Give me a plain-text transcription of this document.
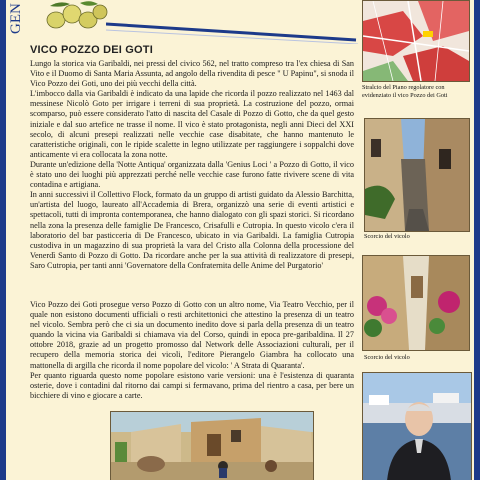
GEN
VICO POZZO DEI GOTI

Lungo la storica via Garibaldi, nei pressi del civico 562, nel tratto compreso tra l'ex chiesa di San Vito e il Duomo di Santa Maria Assunta, ad angolo della rivendita di pesce " U Papinu", si snoda il Vico Pozzo dei Goti, uno dei più vecchi della città.

L'imbocco dalla via Garibaldi è indicato da una lapide che ricorda il pozzo realizzato nel 1463 dal messinese Nicolò Goto per irrigare i terreni di sua proprietà. La costruzione del pozzo, ormai scomparso, può essere considerato l'atto di nascita del Casale di Pozzo di Gotto, che da quel gesto iniziale e dal suo artefice ne trasse il nome. Il vico è stato protagonista, negli anni Dieci del XXI secolo, di alcuni presepi realizzati nelle vecchie case disabitate, che hanno mantenuto le caratteristiche originali, con le ripide scalette in legno utilizzate per raggiungere i soppalchi dove anticamente vi era collocata la zona notte.

Durante un'edizione della 'Notte Antiqua' organizzata dalla 'Genius Loci ' a Pozzo di Gotto, il vico è stato uno dei luoghi più apprezzati perché nelle vecchie case furono fatte rivivere scene di vita contadina e artigiana.

In anni successivi il Collettivo Flock, formato da un gruppo di artisti guidato da Alessio Barchitta, un'artista del luogo, laureato all'Accademia di Brera, organizzò una serie di eventi artistici e spettacoli, tutti di impronta contemporanea, che hanno dialogato con gli spazi storici. Si ricordano nella zona la presenza delle famiglie De Francesco, Crisafulli e Cutropia. In questo vicolo c'era il laboratorio del bar pasticceria di De Francesco, ubicato in via Garibaldi. La famiglia Cutropia custodiva in un magazzino di sua proprietà la vara del Cristo alla Colonna della processione del Venerdì Santo di Pozzo di Gotto. Da ricordare anche per la sua attività di realizzatore di presepi, Saro Cutropia, per tanti anni 'Governatore della Confraternita delle Anime del Purgatorio'

Vico Pozzo dei Goti prosegue verso Pozzo di Gotto con un altro nome, Via Teatro Vecchio, per il quale non esistono documenti ufficiali o resti architettonici che attestino la presenza di un teatro nel vicolo. Sembra però che ci sia un documento inedito dove si parla della presenza di un teatro quando la vicina via Garibaldi si chiamava via del Corso, quindi in epoca pre-garibaldina. Il 27 ottobre 2018, grazie ad un progetto promosso dal Network delle Associazioni culturali, per il recupero della memoria storica dei vicoli, l'editore Pierangelo Giambra ha collocato una mattonella di argilla che ricorda il nome popolare del vicolo: ' A Strata di Quaranta'.

Per quanto riguarda questo nome popolare esistono varie versioni: una è l'esistenza di quaranta osterie, dove i contadini dal ritorno dai campi si fermavano, prima del rientro a casa, per bere un bicchiere di vino e giocare a carte.

Stralcio del Piano regolatore con evidenziato il vico Pozzo dei Goti
Scorcio del vicolo
Scorcio del vicolo
